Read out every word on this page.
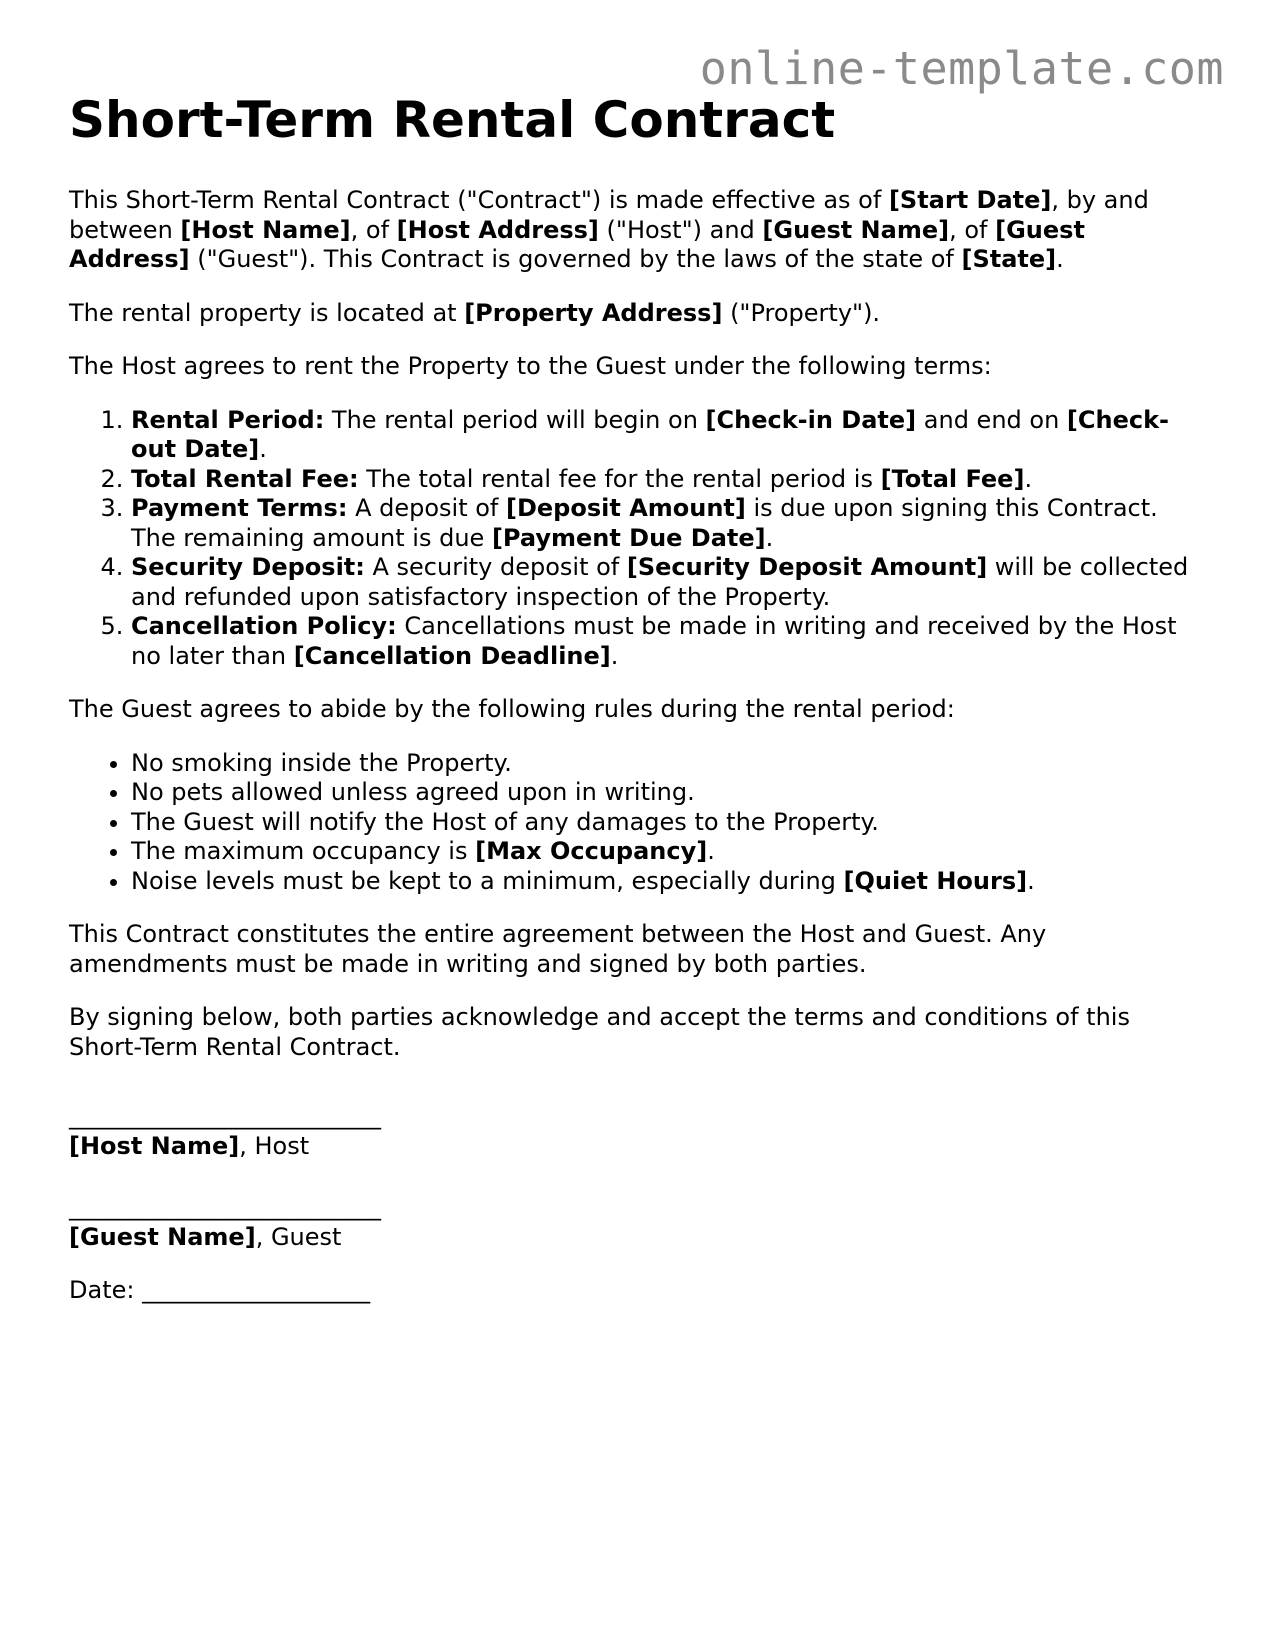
online-template.com
Short-Term Rental Contract

This Short-Term Rental Contract ("Contract") is made effective as of [Start Date], by and between [Host Name], of [Host Address] ("Host") and [Guest Name], of [Guest Address] ("Guest"). This Contract is governed by the laws of the state of [State].

The rental property is located at [Property Address] ("Property").

The Host agrees to rent the Property to the Guest under the following terms:

1. Rental Period: The rental period will begin on [Check-in Date] and end on [Check-out Date].
2. Total Rental Fee: The total rental fee for the rental period is [Total Fee].
3. Payment Terms: A deposit of [Deposit Amount] is due upon signing this Contract. The remaining amount is due [Payment Due Date].
4. Security Deposit: A security deposit of [Security Deposit Amount] will be collected and refunded upon satisfactory inspection of the Property.
5. Cancellation Policy: Cancellations must be made in writing and received by the Host no later than [Cancellation Deadline].

The Guest agrees to abide by the following rules during the rental period:

• No smoking inside the Property.
• No pets allowed unless agreed upon in writing.
• The Guest will notify the Host of any damages to the Property.
• The maximum occupancy is [Max Occupancy].
• Noise levels must be kept to a minimum, especially during [Quiet Hours].

This Contract constitutes the entire agreement between the Host and Guest. Any amendments must be made in writing and signed by both parties.

By signing below, both parties acknowledge and accept the terms and conditions of this Short-Term Rental Contract.

__________________________
[Host Name], Host
__________________________
[Guest Name], Guest
Date: ___________________
